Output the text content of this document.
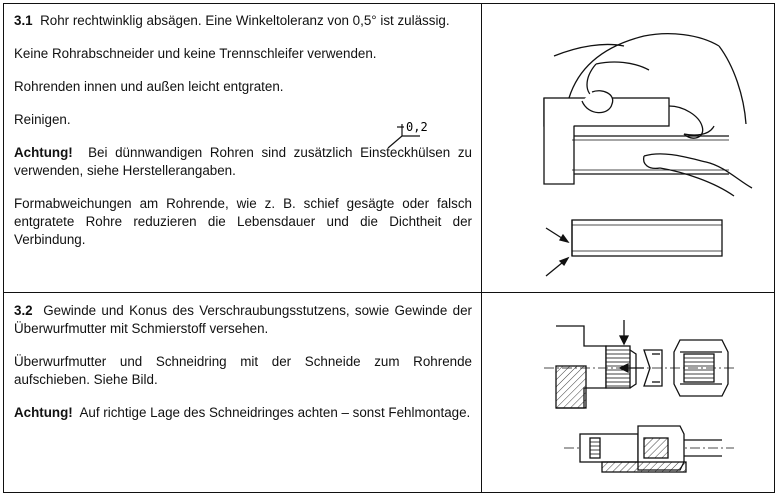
3.1 Rohr rechtwinklig absägen. Eine Winkeltoleranz von 0,5° ist zulässig.

Keine Rohrabschneider und keine Trennschleifer verwenden.

Rohrenden innen und außen leicht entgraten.

Reinigen.

Achtung! Bei dünnwandigen Rohren sind zusätzlich Einsteckhülsen zu verwenden, siehe Herstellerangaben.

Formabweichungen am Rohrende, wie z. B. schief gesägte oder falsch entgratete Rohre reduzieren die Lebensdauer und die Dichtheit der Verbindung.

0,2

3.2 Gewinde und Konus des Verschraubungsstutzens, sowie Gewinde der Überwurfmutter mit Schmierstoff versehen.

Überwurfmutter und Schneidring mit der Schneide zum Rohrende aufschieben. Siehe Bild.

Achtung! Auf richtige Lage des Schneidringes achten – sonst Fehlmontage.
